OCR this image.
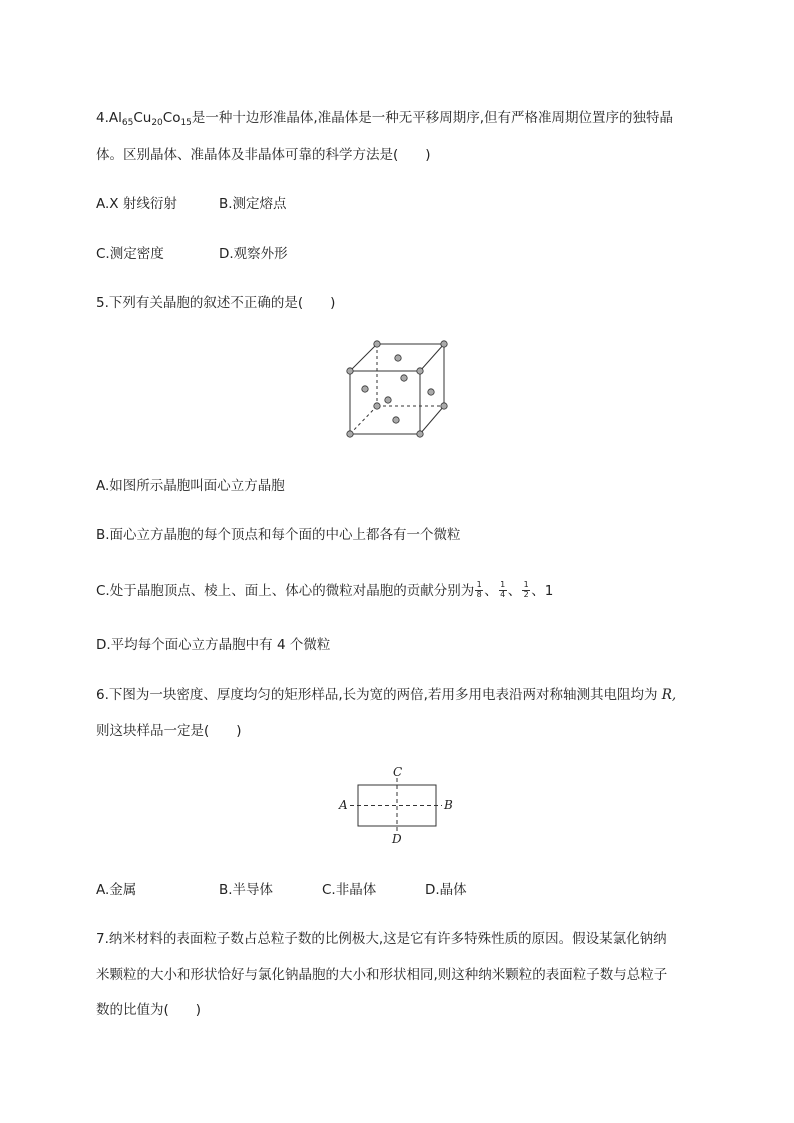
$4.Al_{65}Cu_{20}Co_{15}$是一种十边形准晶体,准晶体是一种无平移周期序,但有严格准周期位置序的独特晶
体。区别晶体、准晶体及非晶体可靠的科学方法是(　　)
A.X 射线衍射	B.测定熔点
C.测定密度	D.观察外形
5.下列有关晶胞的叙述不正确的是(　　)
A.如图所示晶胞叫面心立方晶胞
B.面心立方晶胞的每个顶点和每个面的中心上都各有一个微粒
C.处于晶胞顶点、棱上、面上、体心的微粒对晶胞的贡献分别为 $\frac{1}{8}$ 、 $\frac{1}{4}$ 、 $\frac{1}{2}$ 、1
D.平均每个面心立方晶胞中有 4 个微粒
6.下图为一块密度、厚度均匀的矩形样品,长为宽的两倍,若用多用电表沿两对称轴测其电阻均为 R,
则这块样品一定是(　　)
A	B
C
D
A.金属	B.半导体	C.非晶体	D.晶体
7.纳米材料的表面粒子数占总粒子数的比例极大,这是它有许多特殊性质的原因。假设某氯化钠纳
米颗粒的大小和形状恰好与氯化钠晶胞的大小和形状相同,则这种纳米颗粒的表面粒子数与总粒子
数的比值为(　　)
